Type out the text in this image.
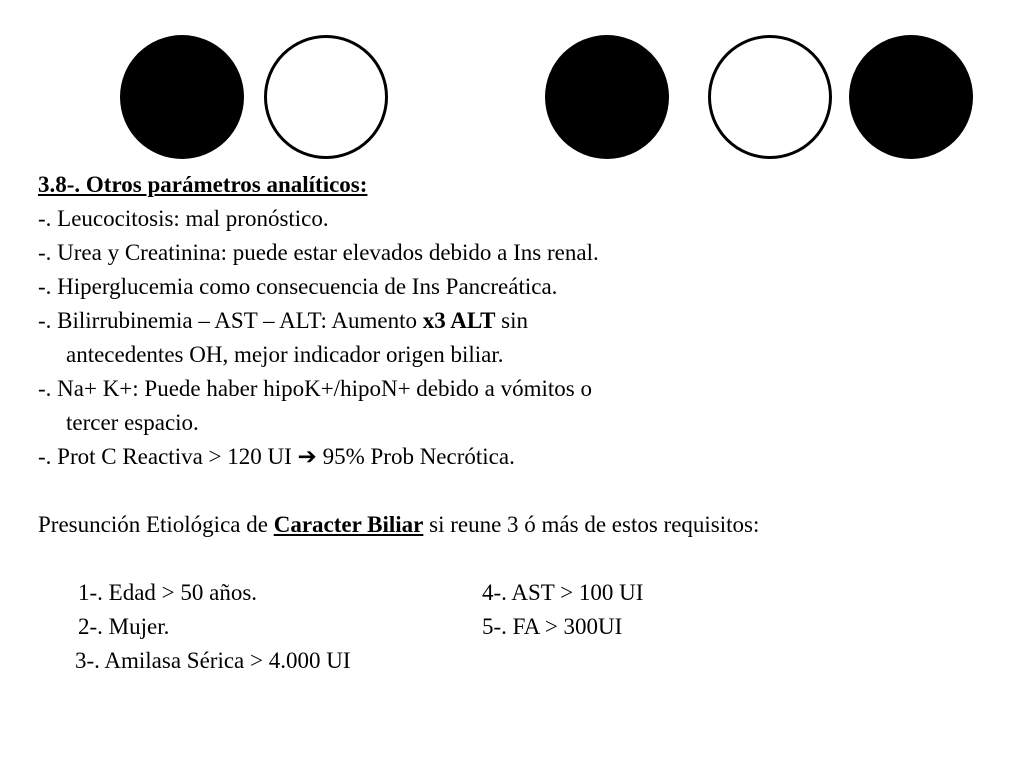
3.8-. Otros parámetros analíticos:
-. Leucocitosis: mal pronóstico.
-. Urea y Creatinina: puede estar elevados debido a Ins renal.
-. Hiperglucemia como consecuencia de Ins Pancreática.
-. Bilirrubinemia – AST – ALT: Aumento x3 ALT sin
antecedentes OH, mejor indicador origen biliar.
-. Na+ K+: Puede haber hipoK+/hipoN+ debido a vómitos o
tercer espacio.
-. Prot C Reactiva > 120 UI ➔ 95% Prob Necrótica.
Presunción Etiológica de Caracter Biliar si reune 3 ó más de estos requisitos:
1-. Edad > 50 años.
2-. Mujer.
3-. Amilasa Sérica > 4.000 UI
4-. AST > 100 UI
5-. FA > 300UI
